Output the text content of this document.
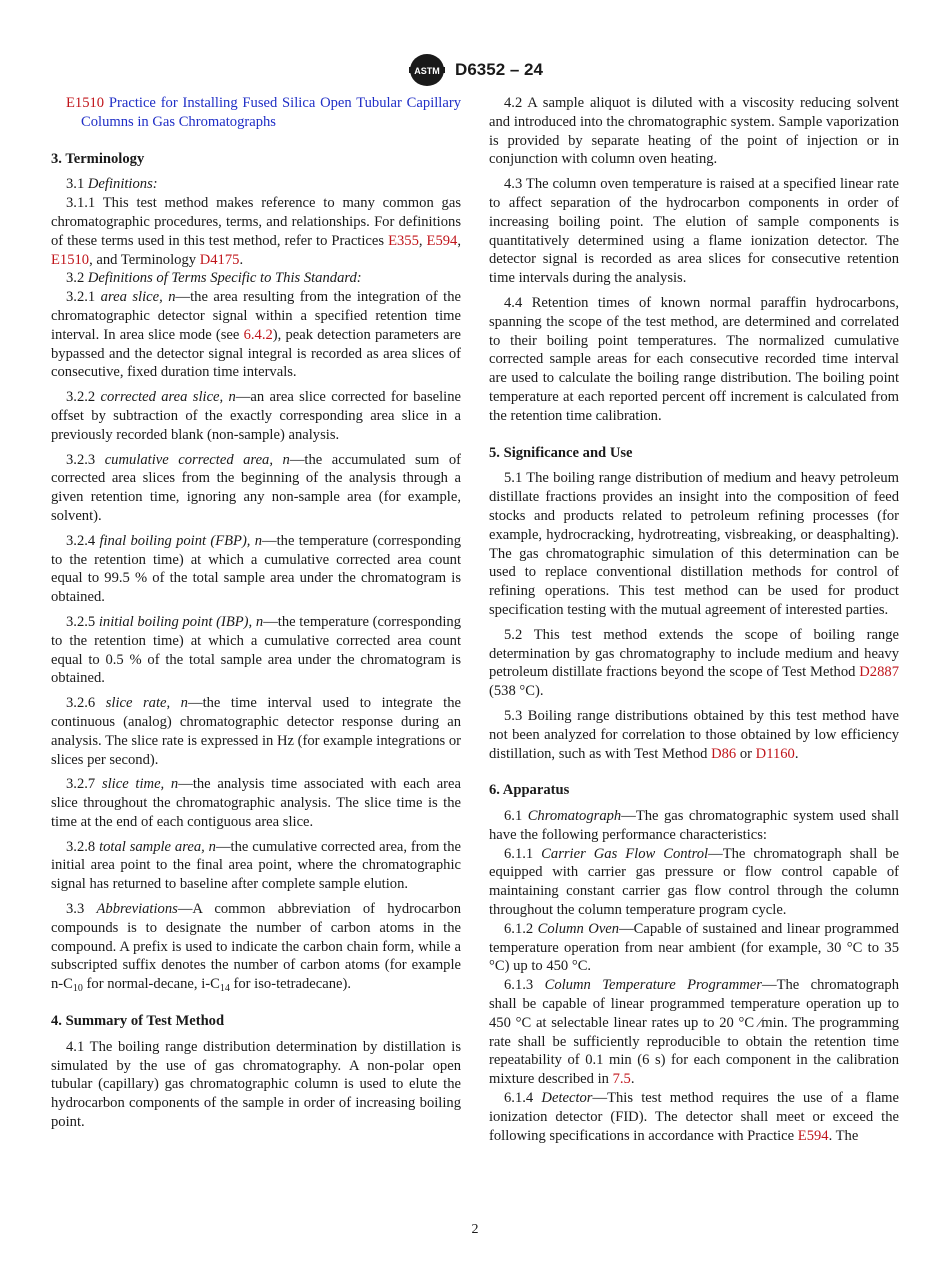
ASTM D6352 – 24

E1510 Practice for Installing Fused Silica Open Tubular Capillary Columns in Gas Chromatographs

3. Terminology

3.1 Definitions:

3.1.1 This test method makes reference to many common gas chromatographic procedures, terms, and relationships. For definitions of these terms used in this test method, refer to Practices E355, E594, E1510, and Terminology D4175.

3.2 Definitions of Terms Specific to This Standard:

3.2.1 area slice, n—the area resulting from the integration of the chromatographic detector signal within a specified retention time interval. In area slice mode (see 6.4.2), peak detection parameters are bypassed and the detector signal integral is recorded as area slices of consecutive, fixed duration time intervals.

3.2.2 corrected area slice, n—an area slice corrected for baseline offset by subtraction of the exactly corresponding area slice in a previously recorded blank (non-sample) analysis.

3.2.3 cumulative corrected area, n—the accumulated sum of corrected area slices from the beginning of the analysis through a given retention time, ignoring any non-sample area (for example, solvent).

3.2.4 final boiling point (FBP), n—the temperature (corresponding to the retention time) at which a cumulative corrected area count equal to 99.5 % of the total sample area under the chromatogram is obtained.

3.2.5 initial boiling point (IBP), n—the temperature (corresponding to the retention time) at which a cumulative corrected area count equal to 0.5 % of the total sample area under the chromatogram is obtained.

3.2.6 slice rate, n—the time interval used to integrate the continuous (analog) chromatographic detector response during an analysis. The slice rate is expressed in Hz (for example integrations or slices per second).

3.2.7 slice time, n—the analysis time associated with each area slice throughout the chromatographic analysis. The slice time is the time at the end of each contiguous area slice.

3.2.8 total sample area, n—the cumulative corrected area, from the initial area point to the final area point, where the chromatographic signal has returned to baseline after complete sample elution.

3.3 Abbreviations—A common abbreviation of hydrocarbon compounds is to designate the number of carbon atoms in the compound. A prefix is used to indicate the carbon chain form, while a subscripted suffix denotes the number of carbon atoms (for example $n-C_{10}$ for normal-decane, $i-C_{14}$ for iso-tetradecane).

4. Summary of Test Method

4.1 The boiling range distribution determination by distillation is simulated by the use of gas chromatography. A non-polar open tubular (capillary) gas chromatographic column is used to elute the hydrocarbon components of the sample in order of increasing boiling point.

4.2 A sample aliquot is diluted with a viscosity reducing solvent and introduced into the chromatographic system. Sample vaporization is provided by separate heating of the point of injection or in conjunction with column oven heating.

4.3 The column oven temperature is raised at a specified linear rate to affect separation of the hydrocarbon components in order of increasing boiling point. The elution of sample components is quantitatively determined using a flame ionization detector. The detector signal is recorded as area slices for consecutive retention time intervals during the analysis.

4.4 Retention times of known normal paraffin hydrocarbons, spanning the scope of the test method, are determined and correlated to their boiling point temperatures. The normalized cumulative corrected sample areas for each consecutive recorded time interval are used to calculate the boiling range distribution. The boiling point temperature at each reported percent off increment is calculated from the retention time calibration.

5. Significance and Use

5.1 The boiling range distribution of medium and heavy petroleum distillate fractions provides an insight into the composition of feed stocks and products related to petroleum refining processes (for example, hydrocracking, hydrotreating, visbreaking, or deasphalting). The gas chromatographic simulation of this determination can be used to replace conventional distillation methods for control of refining operations. This test method can be used for product specification testing with the mutual agreement of interested parties.

5.2 This test method extends the scope of boiling range determination by gas chromatography to include medium and heavy petroleum distillate fractions beyond the scope of Test Method D2887 (538 °C).

5.3 Boiling range distributions obtained by this test method have not been analyzed for correlation to those obtained by low efficiency distillation, such as with Test Method D86 or D1160.

6. Apparatus

6.1 Chromatograph—The gas chromatographic system used shall have the following performance characteristics:

6.1.1 Carrier Gas Flow Control—The chromatograph shall be equipped with carrier gas pressure or flow control capable of maintaining constant carrier gas flow control through the column throughout the column temperature program cycle.

6.1.2 Column Oven—Capable of sustained and linear programmed temperature operation from near ambient (for example, 30 °C to 35 °C) up to 450 °C.

6.1.3 Column Temperature Programmer—The chromatograph shall be capable of linear programmed temperature operation up to 450 °C at selectable linear rates up to 20 °C ⁄min. The programming rate shall be sufficiently reproducible to obtain the retention time repeatability of 0.1 min (6 s) for each component in the calibration mixture described in 7.5.

6.1.4 Detector—This test method requires the use of a flame ionization detector (FID). The detector shall meet or exceed the following specifications in accordance with Practice E594. The

2
